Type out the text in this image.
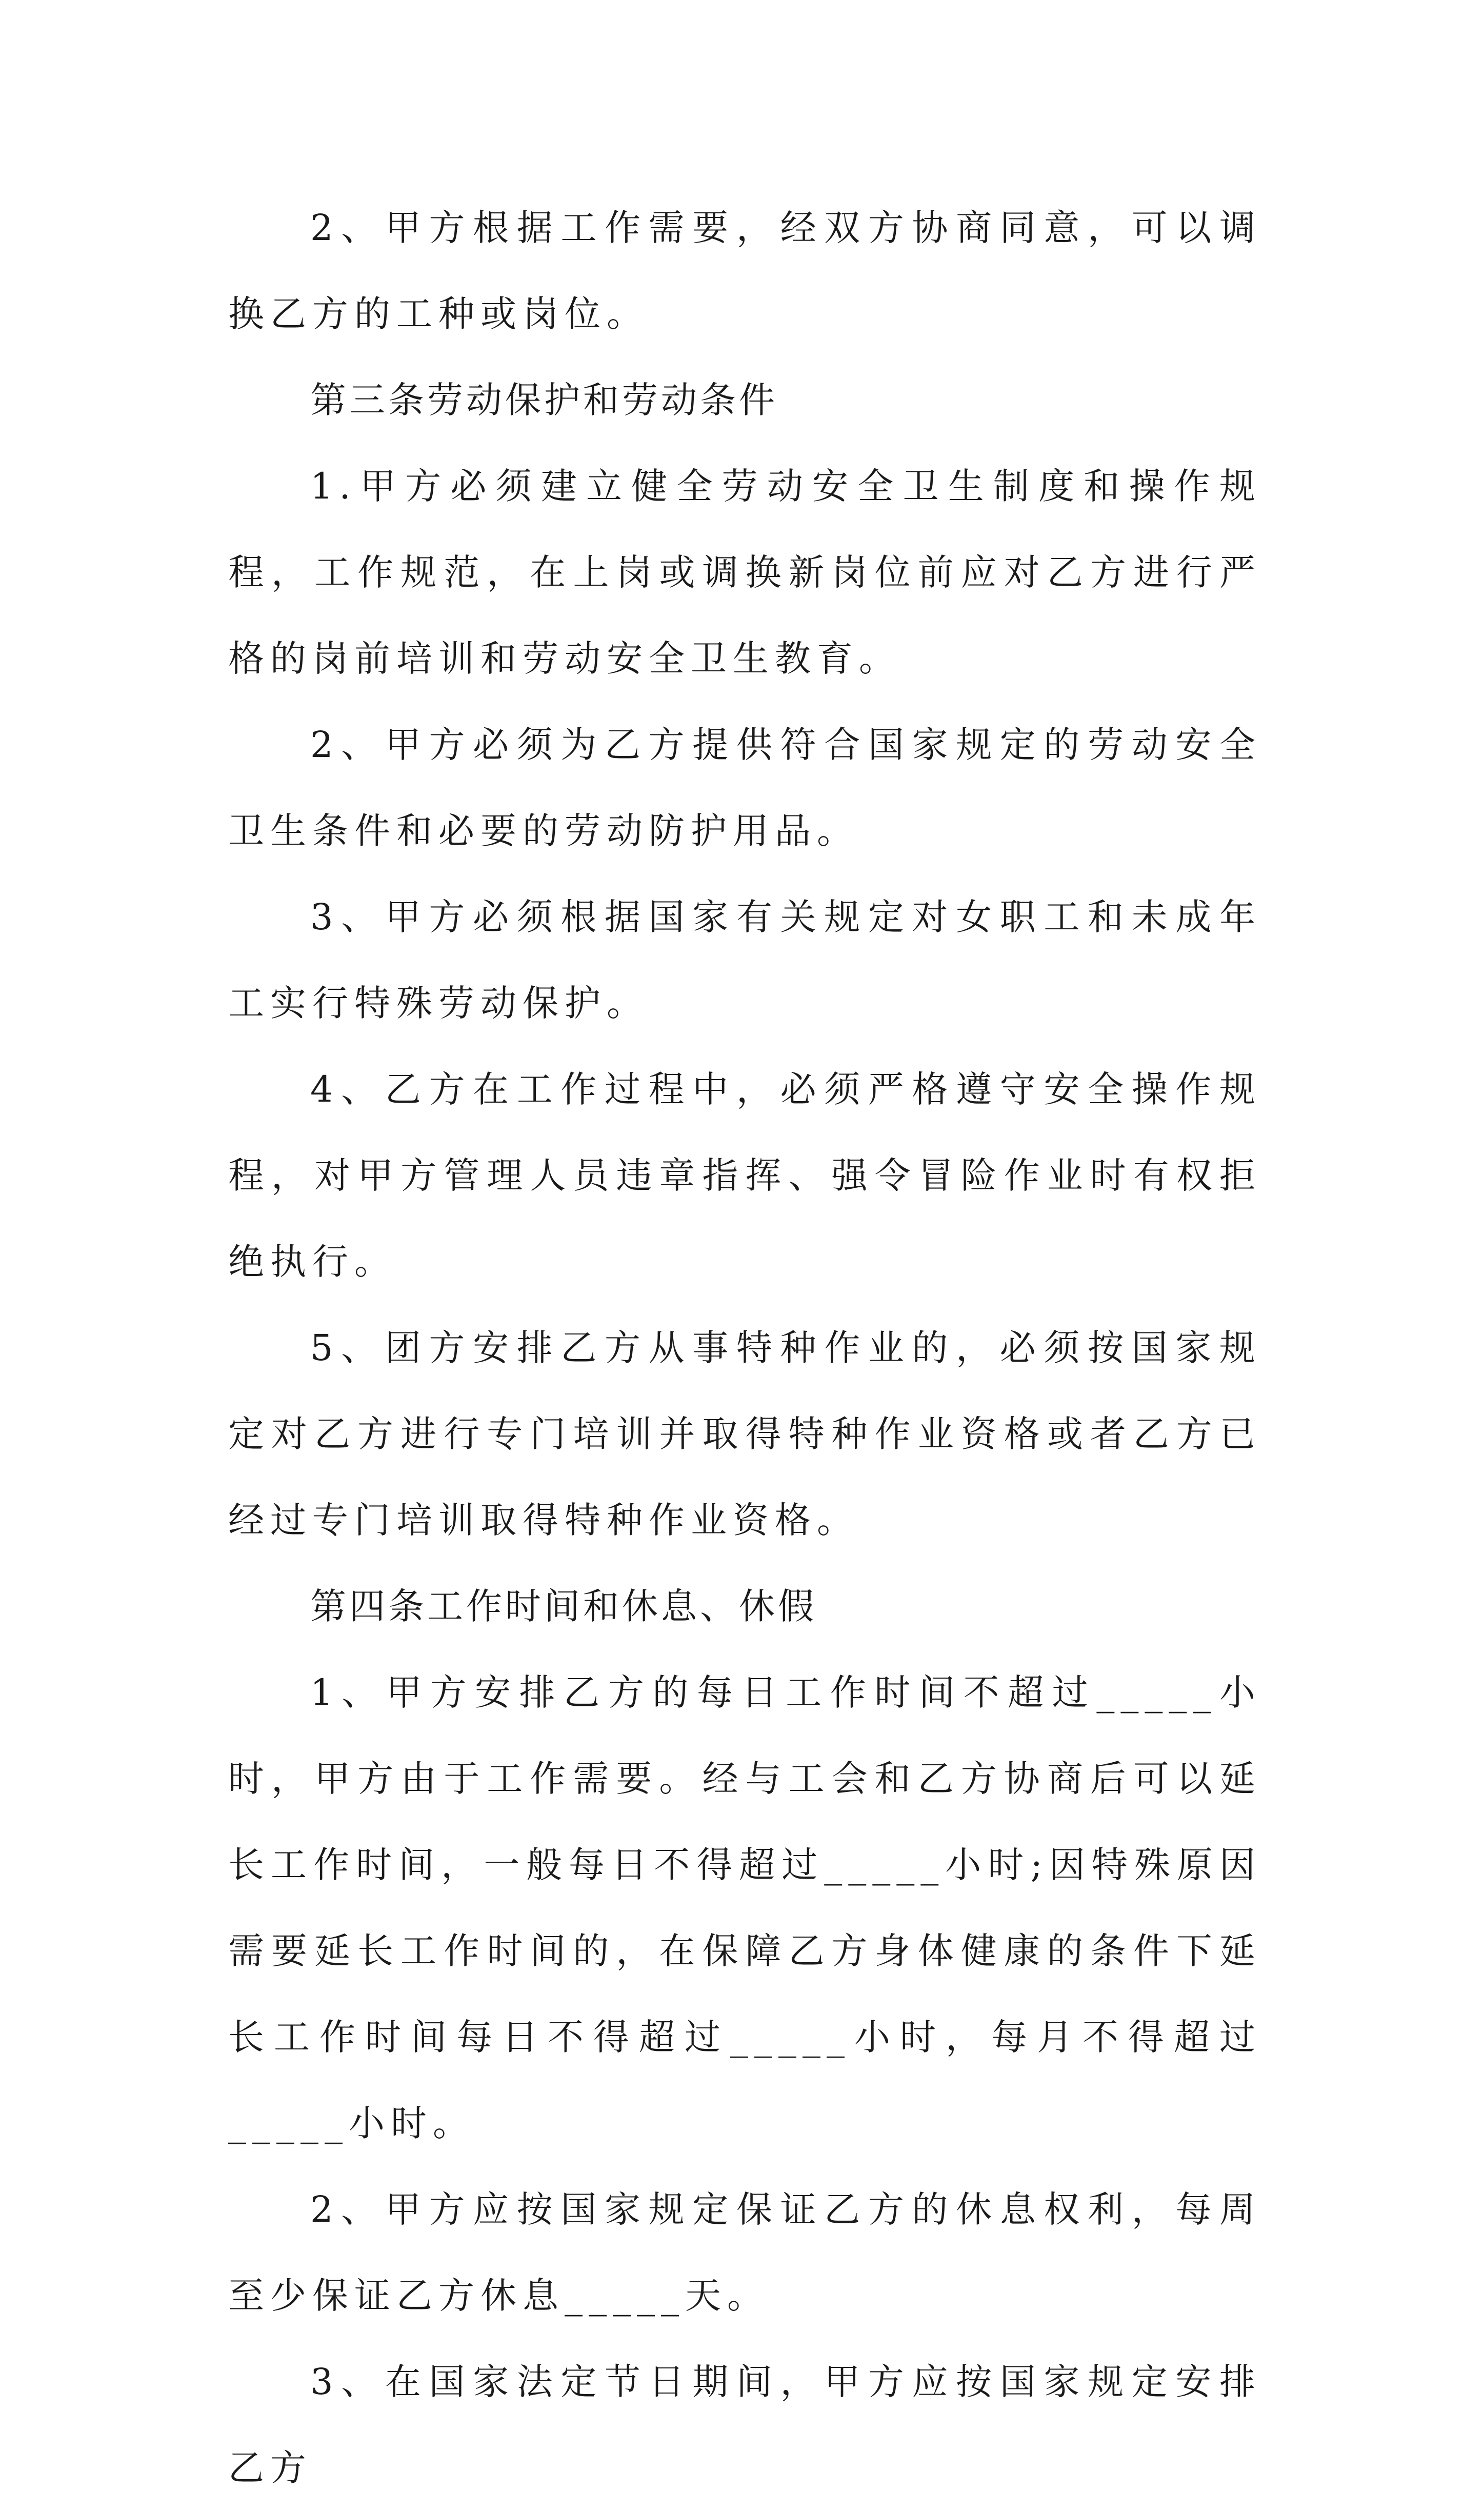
2、甲方根据工作需要，经双方协商同意，可以调换乙方的工种或岗位。

第三条劳动保护和劳动条件

1.甲方必须建立健全劳动安全卫生制度和操作规程，工作规范，在上岗或调换新岗位前应对乙方进行严格的岗前培训和劳动安全卫生教育。

2、甲方必须为乙方提供符合国家规定的劳动安全卫生条件和必要的劳动防护用品。

3、甲方必须根据国家有关规定对女职工和未成年工实行特殊劳动保护。

4、乙方在工作过程中，必须严格遵守安全操作规程，对甲方管理人员违章指挥、强令冒险作业时有权拒绝执行。

5、团方安排乙方从事特种作业的，必须按国家规定对乙方进行专门培训并取得特种作业资格或者乙方已经过专门培训取得特种作业资格。

第四条工作时间和休息、休假

1、甲方安排乙方的每日工作时间不超过_____小时，甲方由于工作需要。经与工会和乙方协商后可以延长工作时间，一般每日不得超过_____小时;因特殊原因需要延长工作时间的，在保障乙方身体健康的条件下延长工作时间每日不得超过_____小时，每月不得超过_____小时。

2、甲方应按国家规定保证乙方的休息权利，每周至少保证乙方休息_____天。

3、在国家法定节日期间，甲方应按国家规定安排乙方
